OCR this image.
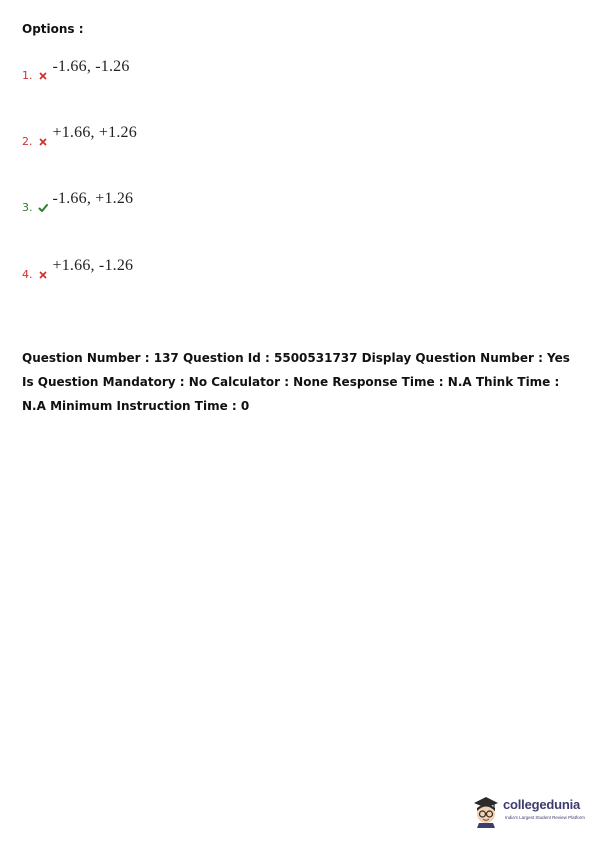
Options :
1.
-1.66, -1.26
2.
+1.66, +1.26
3.
-1.66, +1.26
4.
+1.66, -1.26
Question Number : 137 Question Id : 5500531737 Display Question Number : Yes Is Question Mandatory : No Calculator : None Response Time : N.A Think Time : N.A Minimum Instruction Time : 0
collegedunia
India's Largest Student Review Platform
